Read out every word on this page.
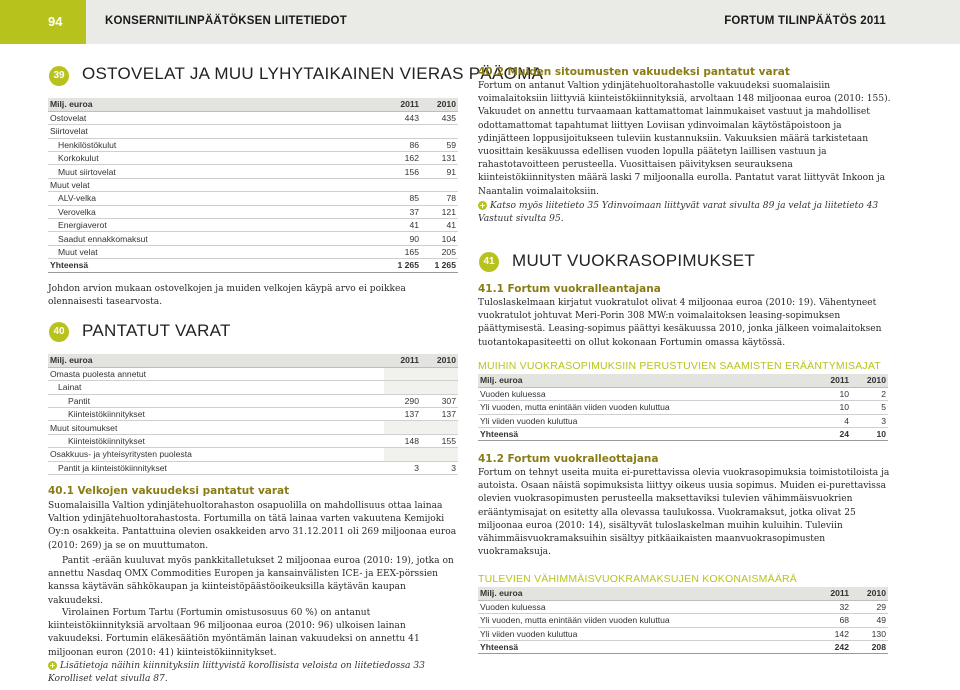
94	KONSERNITILINPÄÄTÖKSEN LIITETIEDOT	FORTUM TILINPÄÄTÖS 2011
39 OSTOVELAT JA MUU LYHYTAIKAINEN VIERAS PÄÄOMA
Milj. euroa	2011	2010
Ostovelat	443	435
Siirtovelat		
Henkilöstökulut	86	59
Korkokulut	162	131
Muut siirtovelat	156	91
Muut velat		
ALV-velka	85	78
Verovelka	37	121
Energiaverot	41	41
Saadut ennakkomaksut	90	104
Muut velat	165	205
Yhteensä	1 265	1 265
Johdon arvion mukaan ostovelkojen ja muiden velkojen käypä arvo ei poikkea olennaisesti tasearvosta.
40 PANTATUT VARAT
Milj. euroa	2011	2010
Omasta puolesta annetut		
Lainat		
Pantit	290	307
Kiinteistökiinnitykset	137	137
Muut sitoumukset		
Kiinteistökiinnitykset	148	155
Osakkuus- ja yhteisyritysten puolesta		
Pantit ja kiinteistökiinnitykset	3	3
40.1 Velkojen vakuudeksi pantatut varat
Suomalaisilla Valtion ydinjätehuoltorahaston osapuolilla on mahdollisuus ottaa lainaa Valtion ydinjätehuoltorahastosta. Fortumilla on tätä lainaa varten vakuutena Kemijoki Oy:n osakkeita. Pantattuina olevien osakkeiden arvo 31.12.2011 oli 269 miljoonaa euroa (2010: 269) ja se on muuttumaton.
Pantit -erään kuuluvat myös pankkitalletukset 2 miljoonaa euroa (2010: 19), jotka on annettu Nasdaq OMX Commodities Europen ja kansainvälisten ICE- ja EEX-pörssien kanssa käytävän sähkökaupan ja kiinteistöpäästöoikeuksilla käytävän kaupan vakuudeksi.
Virolainen Fortum Tartu (Fortumin omistusosuus 60 %) on antanut kiinteistökiinnityksiä arvoltaan 96 miljoonaa euroa (2010: 96) ulkoisen lainan vakuudeksi. Fortumin eläkesäätiön myöntämän lainan vakuudeksi on annettu 41 miljoonan euron (2010: 41) kiinteistökiinnitykset.
+ Lisätietoja näihin kiinnityksiin liittyvistä korollisista veloista on liitetiedossa 33 Korolliset velat sivulla 87.
40.2 Muiden sitoumusten vakuudeksi pantatut varat
Fortum on antanut Valtion ydinjätehuoltorahastolle vakuudeksi suomalaisiin voimalaitoksiin liittyviä kiinteistökiinnityksiä, arvoltaan 148 miljoonaa euroa (2010: 155). Vakuudet on annettu turvaamaan kattamattomat lainmukaiset vastuut ja mahdolliset odottamattomat tapahtumat liittyen Loviisan ydinvoimalan käytöstäpoistoon ja ydinjätteen loppusijoitukseen tuleviin kustannuksiin. Vakuuksien määrä tarkistetaan vuosittain kesäkuussa edellisen vuoden lopulla päätetyn laillisen vastuun ja rahastotavoitteen perusteella. Vuosittaisen päivityksen seurauksena kiinteistökiinnitysten määrä laski 7 miljoonalla eurolla. Pantatut varat liittyvät Inkoon ja Naantalin voimalaitoksiin.
+ Katso myös liitetieto 35 Ydinvoimaan liittyvät varat sivulta 89 ja velat ja liitetieto 43 Vastuut sivulta 95.
41 MUUT VUOKRASOPIMUKSET
41.1 Fortum vuokralleantajana
Tuloslaskelmaan kirjatut vuokratulot olivat 4 miljoonaa euroa (2010: 19). Vähentyneet vuokratulot johtuvat Meri-Porin 308 MW:n voimalaitoksen leasing-sopimuksen päättymisestä. Leasing-sopimus päättyi kesäkuussa 2010, jonka jälkeen voimalaitoksen tuotantokapasiteetti on ollut kokonaan Fortumin omassa käytössä.
MUIHIN VUOKRASOPIMUKSIIN PERUSTUVIEN SAAMISTEN ERÄÄNTYMISAJAT
Milj. euroa	2011	2010
Vuoden kuluessa	10	2
Yli vuoden, mutta enintään viiden vuoden kuluttua	10	5
Yli viiden vuoden kuluttua	4	3
Yhteensä	24	10
41.2 Fortum vuokralleottajana
Fortum on tehnyt useita muita ei-purettavissa olevia vuokrasopimuksia toimistotiloista ja autoista. Osaan näistä sopimuksista liittyy oikeus uusia sopimus. Muiden ei-purettavissa olevien vuokrasopimusten perusteella maksettaviksi tulevien vähimmäisvuokrien erääntymisajat on esitetty alla olevassa taulukossa. Vuokramaksut, jotka olivat 25 miljoonaa euroa (2010: 14), sisältyvät tuloslaskelman muihin kuluihin. Tuleviin vähimmäisvuokramaksuihin sisältyy pitkäaikaisten maanvuokrasopimusten vuokramaksuja.
TULEVIEN VÄHIMMÄISVUOKRAMAKSUJEN KOKONAISMÄÄRÄ
Milj. euroa	2011	2010
Vuoden kuluessa	32	29
Yli vuoden, mutta enintään viiden vuoden kuluttua	68	49
Yli viiden vuoden kuluttua	142	130
Yhteensä	242	208
